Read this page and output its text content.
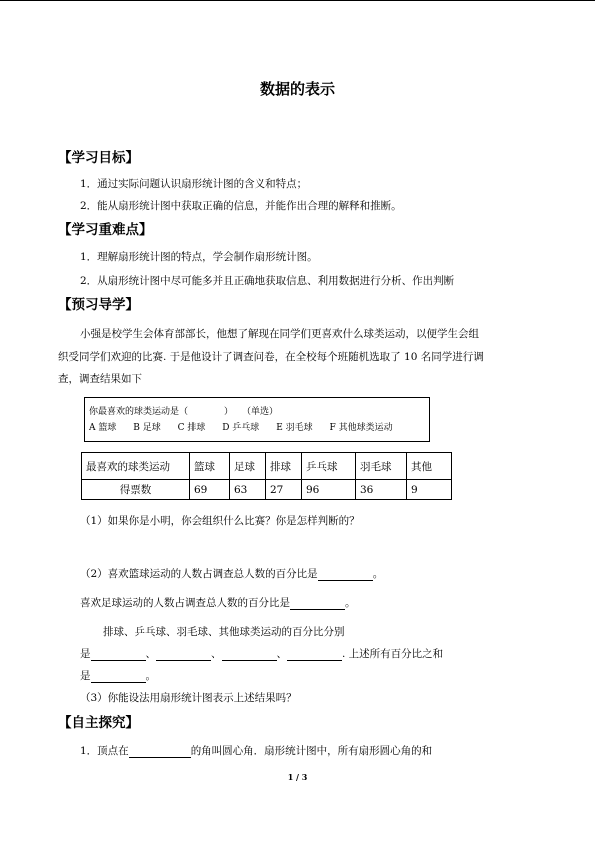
数据的表示
【学习目标】
1．通过实际问题认识扇形统计图的含义和特点；
2．能从扇形统计图中获取正确的信息，并能作出合理的解释和推断。
【学习重难点】
1．理解扇形统计图的特点，学会制作扇形统计图。
2．从扇形统计图中尽可能多并且正确地获取信息、利用数据进行分析、作出判断
【预习导学】
小强是校学生会体育部部长，他想了解现在同学们更喜欢什么球类运动，以便学生会组
织受同学们欢迎的比赛. 于是他设计了调查问卷，在全校每个班随机选取了 10 名同学进行调
查，调查结果如下
你最喜欢的球类运动是（　　　　）　　（单选）
A 篮球 B 足球 C 排球 D 乒乓球 E 羽毛球 F 其他球类运动
最喜欢的球类运动	篮球	足球	排球	乒乓球	羽毛球	其他
得票数	69	63	27	96	36	9
（1）如果你是小明，你会组织什么比赛？你是怎样判断的？
（2）喜欢篮球运动的人数占调查总人数的百分比是	。
喜欢足球运动的人数占调查总人数的百分比是	。
排球、乒乓球、羽毛球、其他球类运动的百分比分别
是	、	、	、	. 上述所有百分比之和
是	。
（3）你能设法用扇形统计图表示上述结果吗？
【自主探究】
1．顶点在	的角叫圆心角．扇形统计图中，所有扇形圆心角的和
1 / 3
